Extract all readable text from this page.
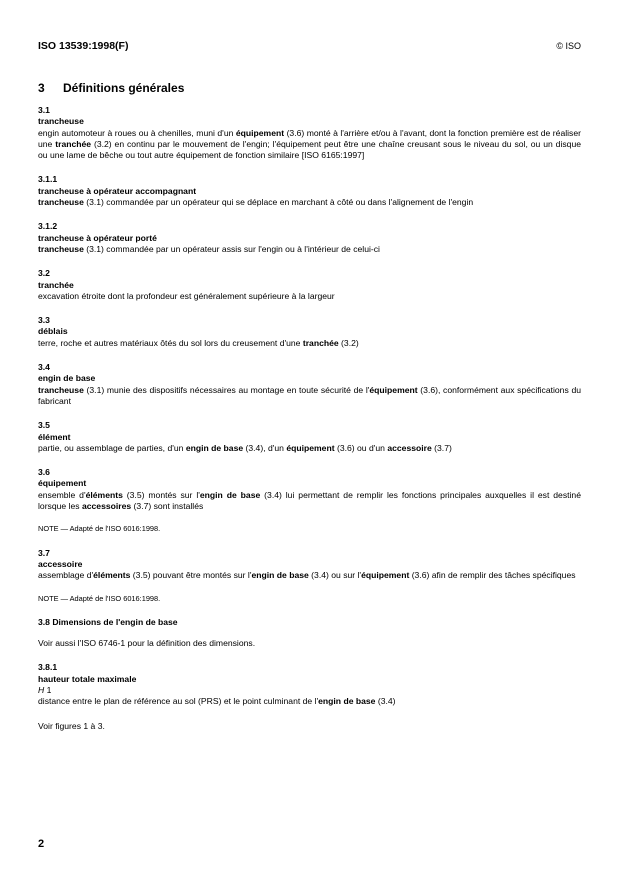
ISO 13539:1998(F)	© ISO
3 Définitions générales
3.1
trancheuse
engin automoteur à roues ou à chenilles, muni d'un équipement (3.6) monté à l'arrière et/ou à l'avant, dont la fonction première est de réaliser une tranchée (3.2) en continu par le mouvement de l'engin; l'équipement peut être une chaîne creusant sous le niveau du sol, ou un disque ou une lame de bêche ou tout autre équipement de fonction similaire [ISO 6165:1997]
3.1.1
trancheuse à opérateur accompagnant
trancheuse (3.1) commandée par un opérateur qui se déplace en marchant à côté ou dans l'alignement de l'engin
3.1.2
trancheuse à opérateur porté
trancheuse (3.1) commandée par un opérateur assis sur l'engin ou à l'intérieur de celui-ci
3.2
tranchée
excavation étroite dont la profondeur est généralement supérieure à la largeur
3.3
déblais
terre, roche et autres matériaux ôtés du sol lors du creusement d'une tranchée (3.2)
3.4
engin de base
trancheuse (3.1) munie des dispositifs nécessaires au montage en toute sécurité de l'équipement (3.6), conformément aux spécifications du fabricant
3.5
élément
partie, ou assemblage de parties, d'un engin de base (3.4), d'un équipement (3.6) ou d'un accessoire (3.7)
3.6
équipement
ensemble d'éléments (3.5) montés sur l'engin de base (3.4) lui permettant de remplir les fonctions principales auxquelles il est destiné lorsque les accessoires (3.7) sont installés
NOTE — Adapté de l'ISO 6016:1998.
3.7
accessoire
assemblage d'éléments (3.5) pouvant être montés sur l'engin de base (3.4) ou sur l'équipement (3.6) afin de remplir des tâches spécifiques
NOTE — Adapté de l'ISO 6016:1998.
3.8 Dimensions de l'engin de base
Voir aussi l'ISO 6746-1 pour la définition des dimensions.
3.8.1
hauteur totale maximale
H 1
distance entre le plan de référence au sol (PRS) et le point culminant de l'engin de base (3.4)
Voir figures 1 à 3.
2
